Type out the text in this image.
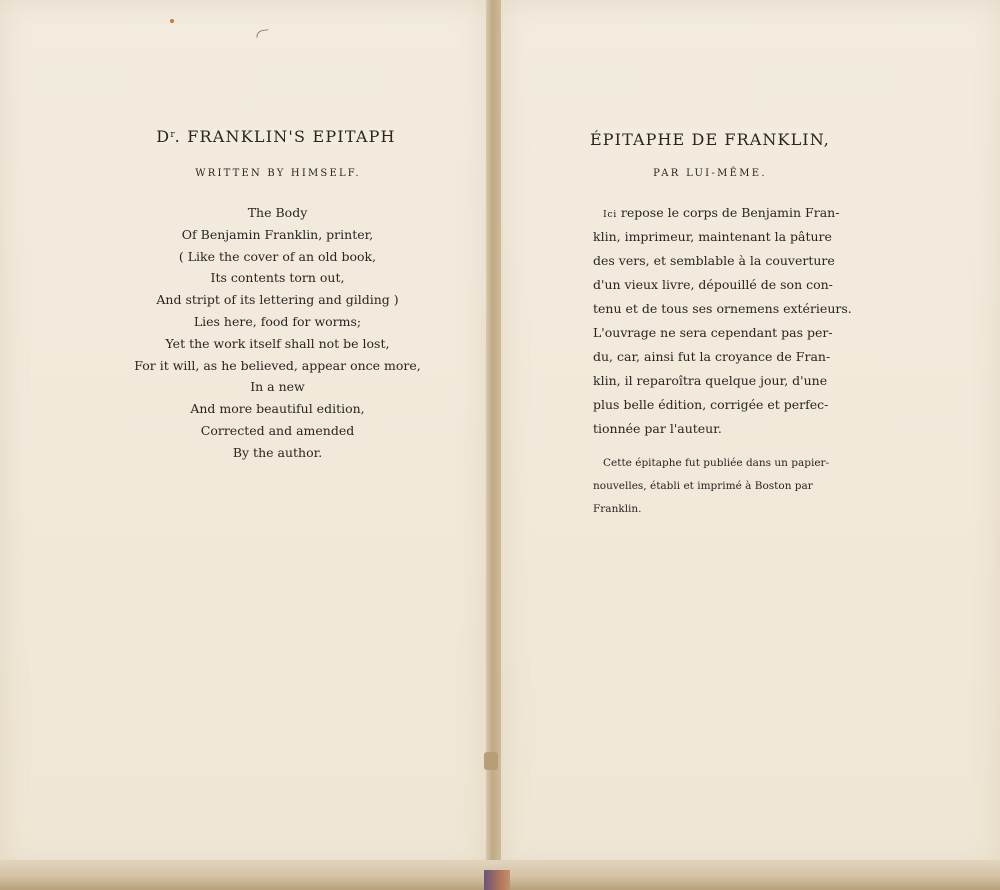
$D^r$. FRANKLIN'S EPITAPH
WRITTEN BY HIMSELF.
The Body
Of Benjamin Franklin, printer,
( Like the cover of an old book,
Its contents torn out,
And stript of its lettering and gilding )
Lies here, food for worms;
Yet the work itself shall not be lost,
For it will, as he believed, appear once more,
In a new
And more beautiful edition,
Corrected and amended
By the author.
ÉPITAPHE DE FRANKLIN,
PAR LUI-MÊME.
Ici repose le corps de Benjamin Fran-
klin, imprimeur, maintenant la pâture
des vers, et semblable à la couverture
d'un vieux livre, dépouillé de son con-
tenu et de tous ses ornemens extérieurs.
L'ouvrage ne sera cependant pas per-
du, car, ainsi fut la croyance de Fran-
klin, il reparoîtra quelque jour, d'une
plus belle édition, corrigée et perfec-
tionnée par l'auteur.
Cette épitaphe fut publiée dans un papier-
nouvelles, établi et imprimé à Boston par
Franklin.
